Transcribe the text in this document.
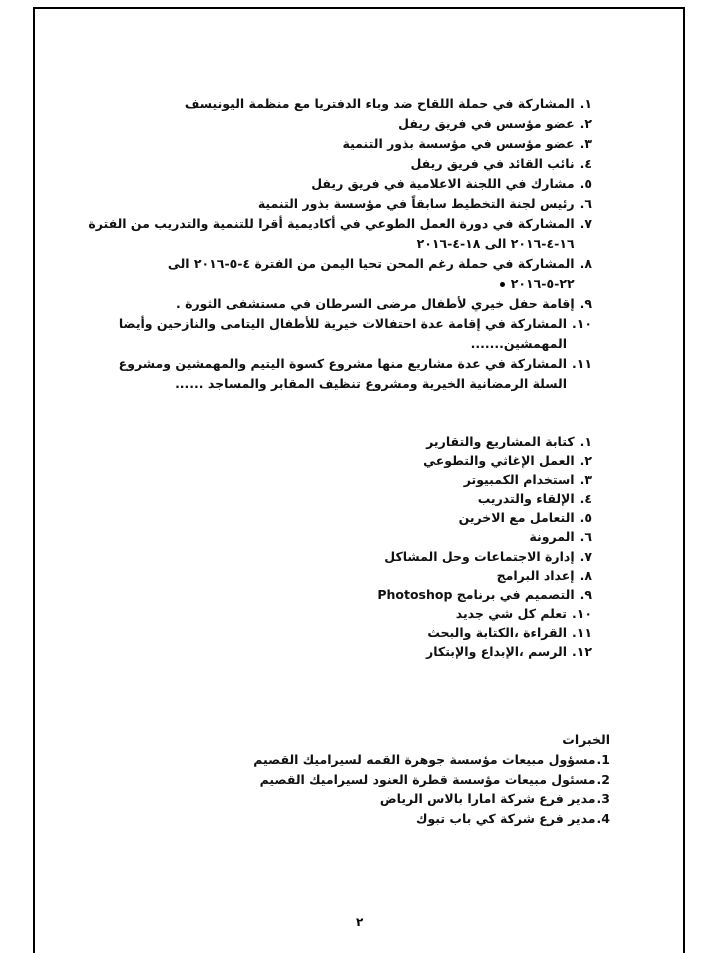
١.
المشاركة في حملة اللقاح ضد وباء الدفتريا مع منظمة اليونيسف
٢.
عضو مؤسس في فريق ريفل
٣.
عضو مؤسس في مؤسسة بذور التنمية
٤.
نائب القائد في فريق ريفل
٥.
مشارك في اللجنة الاعلامية في فريق ريفل
٦.
رئيس لجنة التخطيط سابقاً في مؤسسة بذور التنمية
٧.
المشاركة في دورة العمل الطوعي في أكاديمية أقرا للتنمية والتدريب من الفترة ١٦-٤-٢٠١٦ الى ١٨-٤-٢٠١٦
٨.
المشاركة في حملة رغم المحن تحيا اليمن من الفترة ٤-٥-٢٠١٦ الى
٢٢-٥-٢٠١٦
٩.
إقامة حفل خيري لأطفال مرضى السرطان في مستشفى الثورة .
١٠.
المشاركة في إقامة عدة احتفالات خيرية للأطفال اليتامى والنازحين وأيضا المهمشين.......
١١.
المشاركة في عدة مشاريع منها مشروع كسوة اليتيم والمهمشين ومشروع السلة الرمضانية الخيرية ومشروع تنظيف المقابر والمساجد ......
١.
كتابة المشاريع والتقارير
٢.
العمل الإغاثي والتطوعي
٣.
استخدام الكمبيوتر
٤.
الإلقاء والتدريب
٥.
التعامل مع الاخرين
٦.
المرونة
٧.
إدارة الاجتماعات وحل المشاكل
٨.
إعداد البرامج
٩.
التصميم في برنامج Photoshop
١٠.
تعلم كل شي جديد
١١.
القراءة ،الكتابة والبحث
١٢.
الرسم ،الإبداع والإبتكار

الخبرات

1.
مسؤول مبيعات مؤسسة جوهرة القمه لسيراميك القصيم
2.
مسئول مبيعات مؤسسة قطرة العنود لسيراميك القصيم
3.
مدير فرع شركة امارا بالاس الرياض
4.
مدير فرع شركة كي باب تبوك
٢
